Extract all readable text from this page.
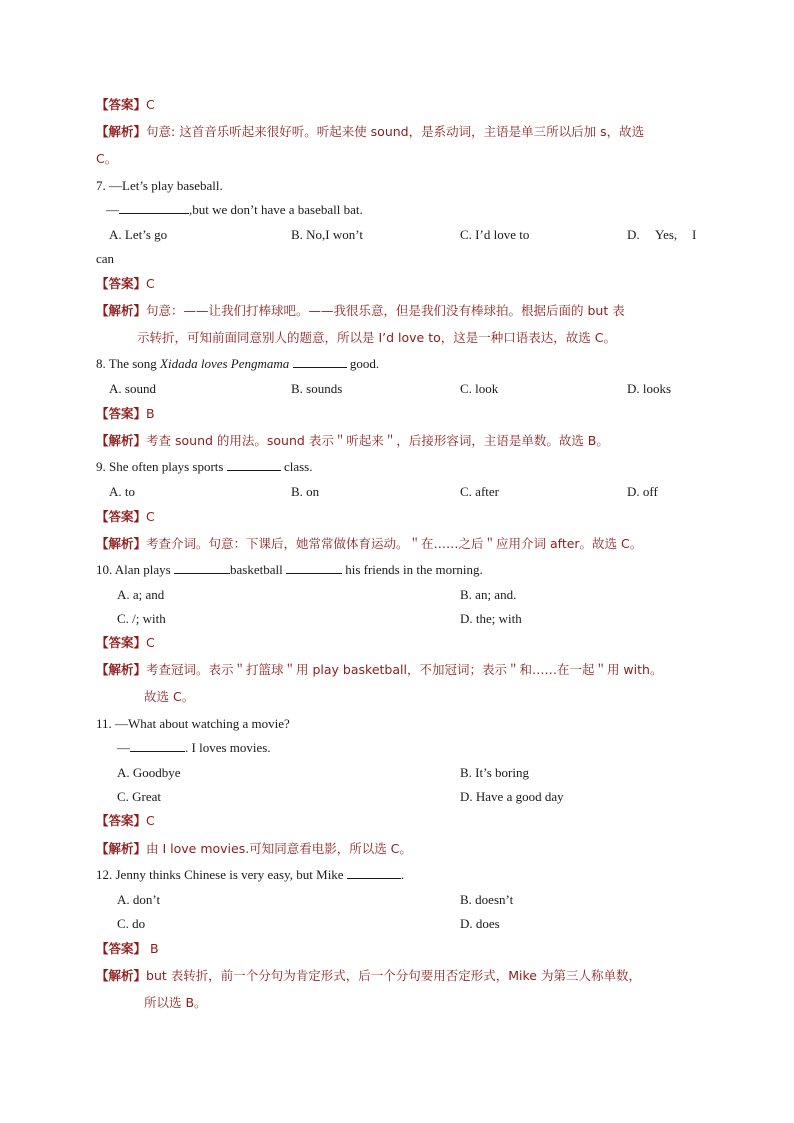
【答案】C
【解析】句意: 这首音乐听起来很好听。听起来使 sound，是系动词，主语是单三所以后加 s，故选
C。
7. —Let’s play baseball.
—	,but we don’t have a baseball bat.
A. Let’s go	B. No,I won’t	C. I’d love to	D. Yes, I
can
【答案】C
【解析】句意：——让我们打棒球吧。——我很乐意，但是我们没有棒球拍。根据后面的 but 表
示转折，可知前面同意别人的题意，所以是 I’d love to，这是一种口语表达，故选 C。
8. The song Xidada loves Pengmama	good.
A. sound	B. sounds	C. look	D. looks
【答案】B
【解析】考查 sound 的用法。sound 表示＂听起来＂，后接形容词，主语是单数。故选 B。
9. She often plays sports	class.
A. to	B. on	C. after	D. off
【答案】C
【解析】考查介词。句意：下课后，她常常做体育运动。＂在……之后＂应用介词 after。故选 C。
10. Alan plays	basketball	his friends in the morning.
A. a; and	B. an; and.
C. /; with	D. the; with
【答案】C
【解析】考查冠词。表示＂打篮球＂用 play basketball，不加冠词；表示＂和……在一起＂用 with。
故选 C。
11. —What about watching a movie?
—	. I loves movies.
A. Goodbye	B. It’s boring
C. Great	D. Have a good day
【答案】C
【解析】由 I love movies.可知同意看电影，所以选 C。
12. Jenny thinks Chinese is very easy, but Mike	.
A. don’t	B. doesn’t
C. do	D. does
【答案】 B
【解析】but 表转折，前一个分句为肯定形式，后一个分句要用否定形式，Mike 为第三人称单数，
所以选 B。
